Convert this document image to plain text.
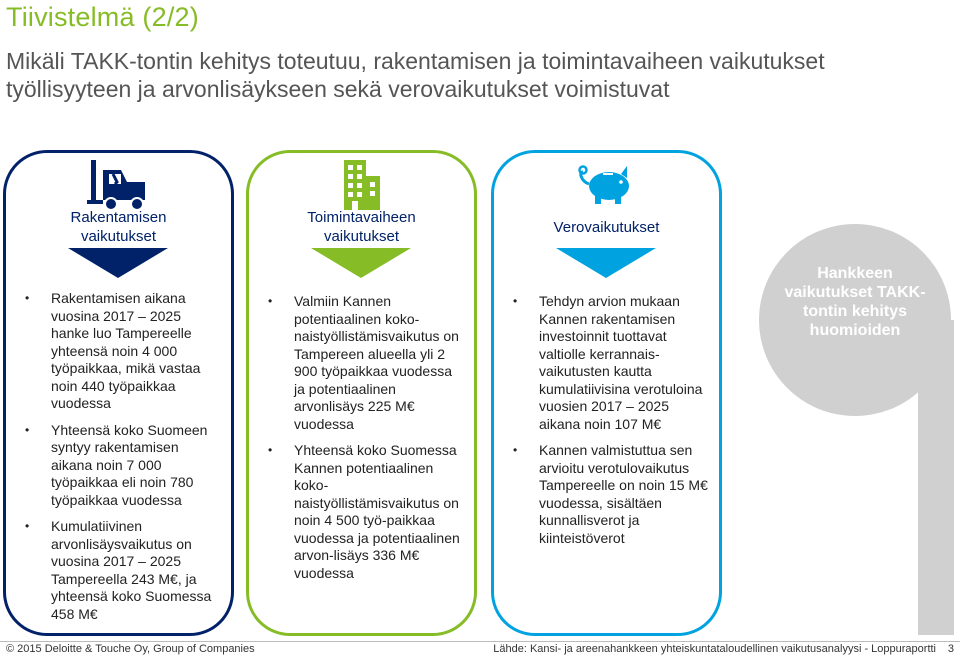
Tiivistelmä (2/2)
Mikäli TAKK-tontin kehitys toteutuu, rakentamisen ja toimintavaiheen vaikutukset työllisyyteen ja arvonlisäykseen sekä verovaikutukset voimistuvat
Rakentamisen
vaikutukset
• Rakentamisen aikana vuosina 2017 – 2025 hanke luo Tampereelle yhteensä noin 4 000 työpaikkaa, mikä vastaa noin 440 työpaikkaa vuodessa
• Yhteensä koko Suomeen syntyy rakentamisen aikana noin 7 000 työpaikkaa eli noin 780 työpaikkaa vuodessa
• Kumulatiivinen arvonlisäysvaikutus on vuosina 2017 – 2025 Tampereella 243 M€, ja yhteensä koko Suomessa 458 M€
Toimintavaiheen
vaikutukset
• Valmiin Kannen potentiaalinen koko-naistyöllistämisvaikutus on Tampereen alueella yli 2 900 työpaikkaa vuodessa ja potentiaalinen arvonlisäys 225 M€ vuodessa
• Yhteensä koko Suomessa Kannen potentiaalinen koko-naistyöllistämisvaikutus on noin 4 500 työ-paikkaa vuodessa ja potentiaalinen arvon-lisäys 336 M€ vuodessa
Verovaikutukset
• Tehdyn arvion mukaan Kannen rakentamisen investoinnit tuottavat valtiolle kerrannais-vaikutusten kautta kumulatiivisina verotuloina vuosien 2017 – 2025 aikana noin 107 M€
• Kannen valmistuttua sen arvioitu verotulovaikutus Tampereelle on noin 15 M€ vuodessa, sisältäen kunnallisverot ja kiinteistöverot
Hankkeen vaikutukset TAKK-tontin kehitys huomioiden
© 2015 Deloitte & Touche Oy, Group of Companies	Lähde: Kansi- ja areenahankkeen yhteiskuntataloudellinen vaikutusanalyysi - Loppuraportti 3
